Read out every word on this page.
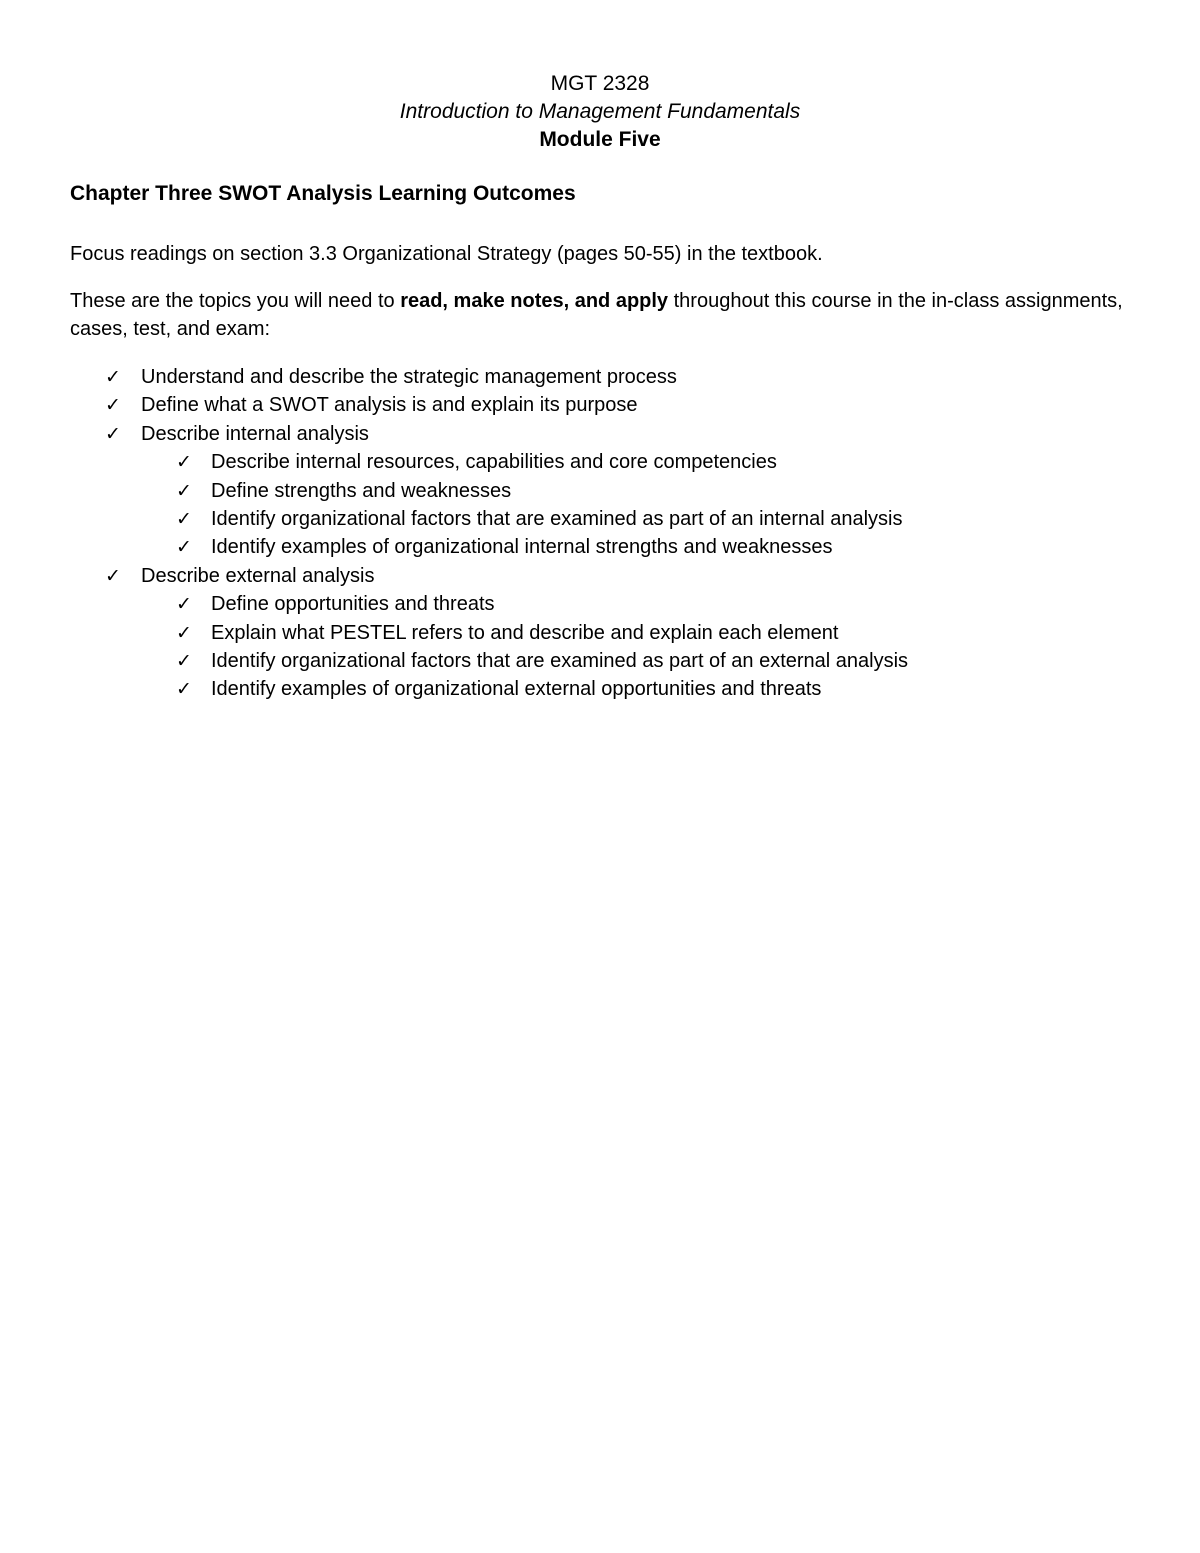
MGT 2328
Introduction to Management Fundamentals
Module Five
Chapter Three SWOT Analysis Learning Outcomes
Focus readings on section 3.3 Organizational Strategy (pages 50-55) in the textbook.
These are the topics you will need to read, make notes, and apply throughout this course in the in-class assignments, cases, test, and exam:
✓ Understand and describe the strategic management process
✓ Define what a SWOT analysis is and explain its purpose
✓ Describe internal analysis
✓ Describe internal resources, capabilities and core competencies
✓ Define strengths and weaknesses
✓ Identify organizational factors that are examined as part of an internal analysis
✓ Identify examples of organizational internal strengths and weaknesses
✓ Describe external analysis
✓ Define opportunities and threats
✓ Explain what PESTEL refers to and describe and explain each element
✓ Identify organizational factors that are examined as part of an external analysis
✓ Identify examples of organizational external opportunities and threats
